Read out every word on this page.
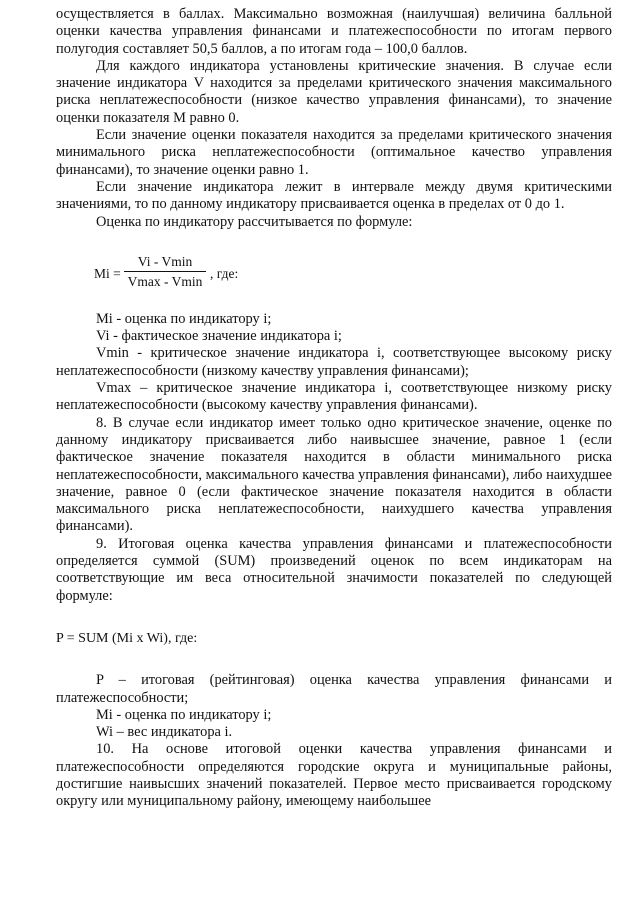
осуществляется в баллах. Максимально возможная (наилучшая) величина балльной оценки качества управления финансами и платежеспособности по итогам первого полугодия составляет 50,5 баллов, а по итогам года – 100,0 баллов.

Для каждого индикатора установлены критические значения. В случае если значение индикатора V находится за пределами критического значения максимального риска неплатежеспособности (низкое качество управления финансами), то значение оценки показателя M равно 0.

Если значение оценки показателя находится за пределами критического значения минимального риска неплатежеспособности (оптимальное качество управления финансами), то значение оценки равно 1.

Если значение индикатора лежит в интервале между двумя критическими значениями, то по данному индикатору присваивается оценка в пределах от 0 до 1.

Оценка по индикатору рассчитывается по формуле:

Mi =
Vi - Vmin
Vmax - Vmin
, где:

Mi - оценка по индикатору i;

Vi - фактическое значение индикатора i;

Vmin - критическое значение индикатора i, соответствующее высокому риску неплатежеспособности (низкому качеству управления финансами);

Vmax – критическое значение индикатора i, соответствующее низкому риску неплатежеспособности (высокому качеству управления финансами).

8. В случае если индикатор имеет только одно критическое значение, оценке по данному индикатору присваивается либо наивысшее значение, равное 1 (если фактическое значение показателя находится в области минимального риска неплатежеспособности, максимального качества управления финансами), либо наихудшее значение, равное 0 (если фактическое значение показателя находится в области максимального риска неплатежеспособности, наихудшего качества управления финансами).

9. Итоговая оценка качества управления финансами и платежеспособности определяется суммой (SUM) произведений оценок по всем индикаторам на соответствующие им веса относительной значимости показателей по следующей формуле:

P = SUM (Mi x Wi), где:

P – итоговая (рейтинговая) оценка качества управления финансами и платежеспособности;

Mi - оценка по индикатору i;

Wi – вес индикатора i.

10. На основе итоговой оценки качества управления финансами и платежеспособности определяются городские округа и муниципальные районы, достигшие наивысших значений показателей. Первое место присваивается городскому округу или муниципальному району, имеющему наибольшее
